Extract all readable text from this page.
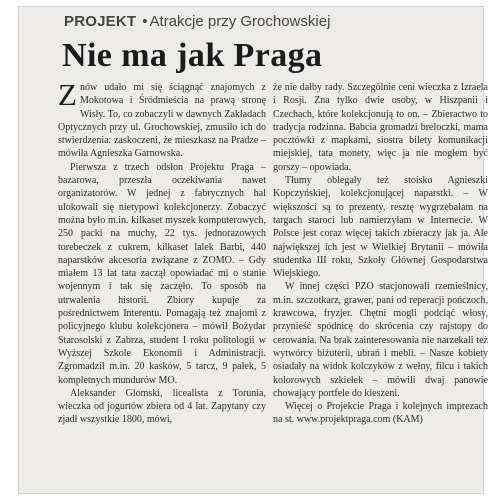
PROJEKT • Atrakcje przy Grochowskiej
Nie ma jak Praga

Znów udało mi się ściągnąć znajomych z Mokotowa i Śródmieścia na prawą stronę Wisły. To, co zobaczyli w dawnych Zakładach Optycznych przy ul. Grochowskiej, zmusiło ich do stwierdzenia: zaskoczeni, że mieszkasz na Pradze – mówiła Agnieszka Garnowska.

Pierwsza z trzech odsłon Projektu Praga – bazarowa, przeszła oczekiwania nawet organizatorów. W jednej z fabrycznych hal ulokowali się nietypowi kolekcjonerzy. Zobaczyć można było m.in. kilkaset myszek komputerowych, 250 packi na muchy, 22 tys. jednorazowych torebeczek z cukrem, kilkaset lalek Barbi, 440 naparstków akcesoria związane z ZOMO. – Gdy miałem 13 lat tata zaczął opowiadać mi o stanie wojennym i tak się zaczęło. To sposób na utrwalenia historii. Zbiory kupuje za pośrednictwem Interentu. Pomagają też znajomi z policyjnego klubu kolekcjonera – mówił Bożydar Starosolski z Zabrza, student I roku politologii w Wyższej Szkole Ekonomii i Administracji. Zgromadził m.in. 20 kasków, 5 tarcz, 9 pałek, 5 kompletnych mundurów MO.

Aleksander Glomski, licealista z Torunia, wieczka od jogurtów zbiera od 4 lat. Zapytany czy zjadł wszystkie 1800, mówi,

że nie dałby rady. Szczególnie ceni wieczka z Izraela i Rosji. Zna tylko dwie osoby, w Hiszpanii i Czechach, które kolekcjonują to on. – Zbieractwo to tradycja rodzinna. Babcia gromadzi breloczki, mama pocztówki z mapkami, siostra bilety komunikacji miejskiej, tata monety, więc ja nie mogłem być gorszy – opowiada.

Tłumy oblegały też stoisko Agnieszki Kopczyńskiej, kolekcjonującej naparstki. – W większości są to prezenty, resztę wygrzebałam na targach staroci lub namierzyłam w Internecie. W Polsce jest coraz więcej takich zbieraczy jak ja. Ale największej ich jest w Wielkiej Brytanii – mówiła studentka III roku, Szkoły Głównej Gospodarstwa Wiejskiego.

W innej części PZO stacjonowali rzemieślnicy, m.in. szczotkarz, grawer, pani od reperacji pończoch, krawcowa, fryzjer. Chętni mogli podciąć włosy, przynieść spódnicę do skrócenia czy rajstopy do cerowania. Na brak zainteresowania nie narzekali też wytwórcy biżuterii, ubrań i mebli. – Nasze kobiety osiadały na widok kolczyków z wełny, filcu i takich kolorowych szkiełek – mówili dwaj panowie chowający portfele do kieszeni.

Więcej o Projekcie Praga i kolejnych imprezach na st. www.projektpraga.com (KAM)
